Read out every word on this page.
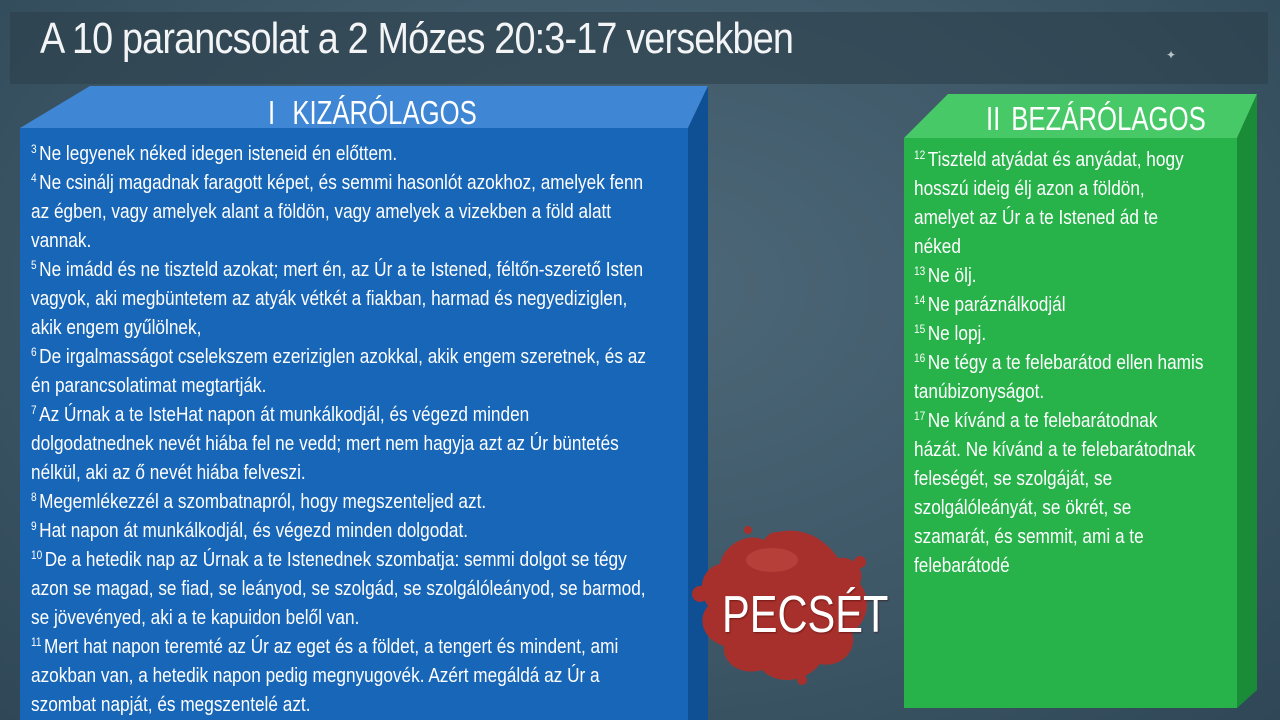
A 10 parancsolat a 2 Mózes 20:3-17 versekben	✦
I KIZÁRÓLAGOS

$^3$ Ne legyenek néked idegen isteneid én előttem.

$^4$ Ne csinálj magadnak faragott képet, és semmi hasonlót azokhoz, amelyek fenn az égben, vagy amelyek alant a földön, vagy amelyek a vizekben a föld alatt vannak.

$^5$ Ne imádd és ne tiszteld azokat; mert én, az Úr a te Istened, féltőn-szerető Isten vagyok, aki megbüntetem az atyák vétkét a fiakban, harmad és negyediziglen, akik engem gyűlölnek,

$^6$ De irgalmasságot cselekszem ezeriziglen azokkal, akik engem szeretnek, és az én parancsolatimat megtartják.

$^7$ Az Úrnak a te IsteHat napon át munkálkodjál, és végezd minden dolgodatnednek nevét hiába fel ne vedd; mert nem hagyja azt az Úr büntetés nélkül, aki az ő nevét hiába felveszi.

$^8$ Megemlékezzél a szombatnapról, hogy megszenteljed azt.

$^9$ Hat napon át munkálkodjál, és végezd minden dolgodat.

$^{10}$ De a hetedik nap az Úrnak a te Istenednek szombatja: semmi dolgot se tégy azon se magad, se fiad, se leányod, se szolgád, se szolgálóleányod, se barmod, se jövevényed, aki a te kapuidon belől van.

$^{11}$ Mert hat napon teremté az Úr az eget és a földet, a tengert és mindent, ami azokban van, a hetedik napon pedig megnyugovék. Azért megáldá az Úr a szombat napját, és megszentelé azt.

II BEZÁRÓLAGOS

$^{12}$ Tiszteld atyádat és anyádat, hogy hosszú ideig élj azon a földön, amelyet az Úr a te Istened ád te néked

$^{13}$ Ne ölj.

$^{14}$ Ne paráználkodjál

$^{15}$ Ne lopj.

$^{16}$ Ne tégy a te felebarátod ellen hamis tanúbizonyságot.

$^{17}$ Ne kívánd a te felebarátodnak házát. Ne kívánd a te felebarátodnak feleségét, se szolgáját, se szolgálóleányát, se ökrét, se szamarát, és semmit, ami a te felebarátodé

PECSÉT
